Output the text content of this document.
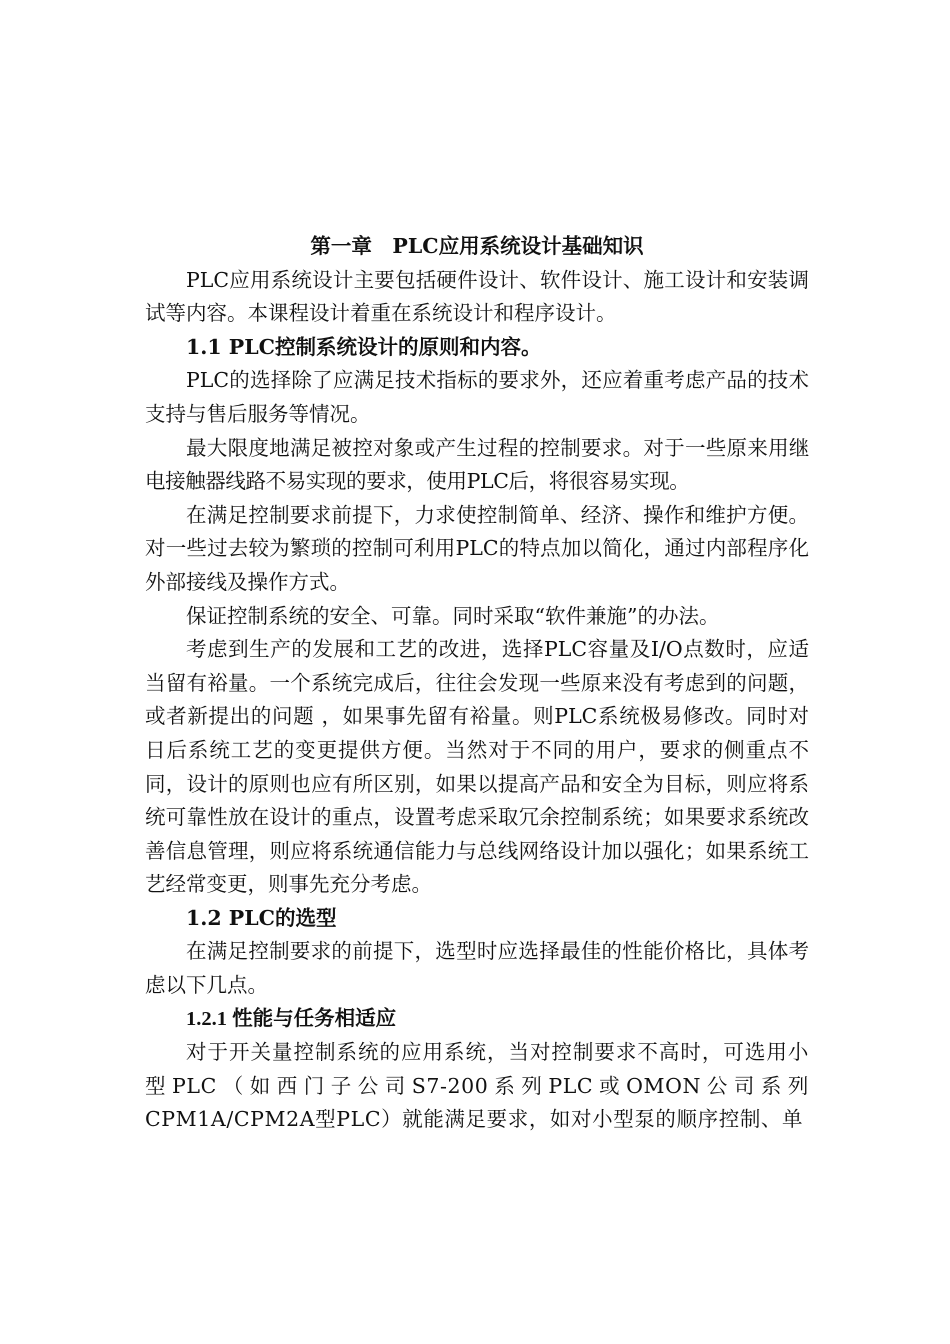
第一章　PLC应用系统设计基础知识

PLC应用系统设计主要包括硬件设计、软件设计、施工设计和安装调试等内容。本课程设计着重在系统设计和程序设计。

1.1 PLC控制系统设计的原则和内容。

PLC的选择除了应满足技术指标的要求外，还应着重考虑产品的技术支持与售后服务等情况。

最大限度地满足被控对象或产生过程的控制要求。对于一些原来用继电接触器线路不易实现的要求，使用PLC后，将很容易实现。

在满足控制要求前提下，力求使控制简单、经济、操作和维护方便。对一些过去较为繁琐的控制可利用PLC的特点加以简化，通过内部程序化外部接线及操作方式。

保证控制系统的安全、可靠。同时采取“软件兼施”的办法。

考虑到生产的发展和工艺的改进，选择PLC容量及I/O点数时，应适当留有裕量。一个系统完成后，往往会发现一些原来没有考虑到的问题，或者新提出的问题 ，如果事先留有裕量。则PLC系统极易修改。同时对日后系统工艺的变更提供方便。当然对于不同的用户，要求的侧重点不同，设计的原则也应有所区别，如果以提高产品和安全为目标，则应将系统可靠性放在设计的重点，设置考虑采取冗余控制系统；如果要求系统改善信息管理，则应将系统通信能力与总线网络设计加以强化；如果系统工艺经常变更，则事先充分考虑。

1.2 PLC的选型

在满足控制要求的前提下，选型时应选择最佳的性能价格比，具体考虑以下几点。

1.2.1 性能与任务相适应

对于开关量控制系统的应用系统，当对控制要求不高时，可选用小型PLC（如西门子公司S7-200系列PLC或OMON公司系列CPM1A/CPM2A型PLC）就能满足要求，如对小型泵的顺序控制、单
